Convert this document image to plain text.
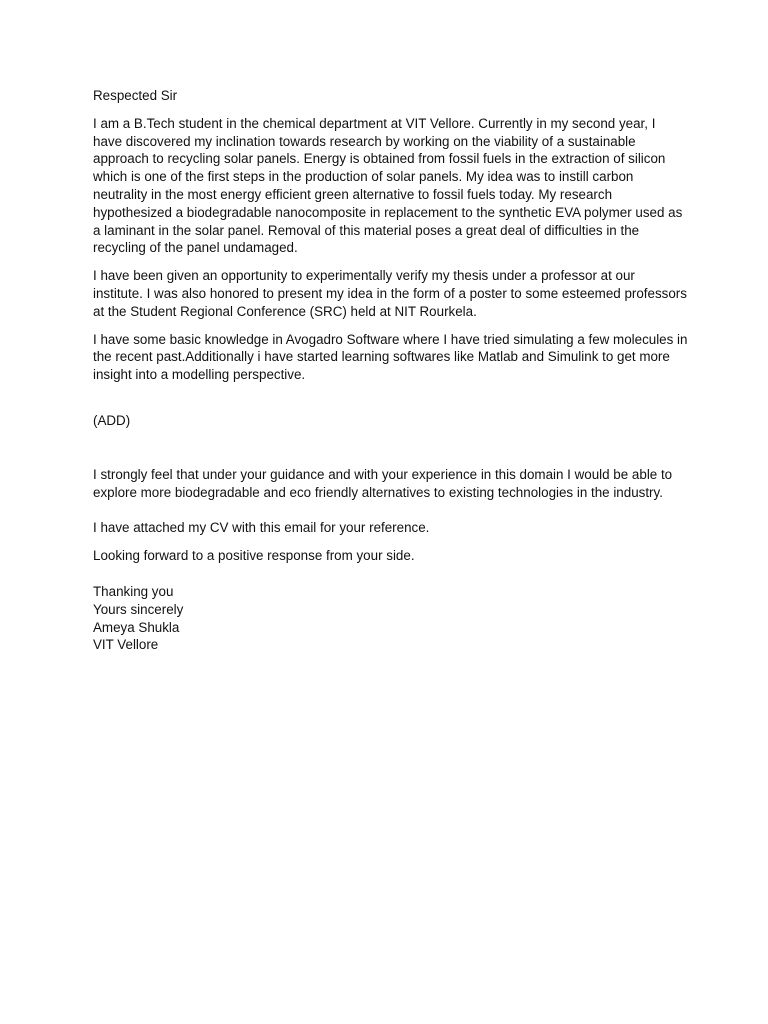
Respected Sir

I am a B.Tech student in the chemical department at VIT Vellore. Currently in my second year, I have discovered my inclination towards research by working on the viability of a sustainable approach to recycling solar panels. Energy is obtained from fossil fuels in the extraction of silicon which is one of the first steps in the production of solar panels. My idea was to instill carbon neutrality in the most energy efficient green alternative to fossil fuels today. My research hypothesized a biodegradable nanocomposite in replacement to the synthetic EVA polymer used as a laminant in the solar panel. Removal of this material poses a great deal of difficulties in the recycling of the panel undamaged.

I have been given an opportunity to experimentally verify my thesis under a professor at our institute. I was also honored to present my idea in the form of a poster to some esteemed professors at the Student Regional Conference (SRC) held at NIT Rourkela.

I have some basic knowledge in Avogadro Software where I have tried simulating a few molecules in the recent past.Additionally i have started learning softwares like Matlab and Simulink to get more insight into a modelling perspective.

(ADD)

I strongly feel that under your guidance and with your experience in this domain I would be able to explore more biodegradable and eco friendly alternatives to existing technologies in the industry.

I have attached my CV with this email for your reference.

Looking forward to a positive response from your side.

Thanking you
Yours sincerely
Ameya Shukla
VIT Vellore
